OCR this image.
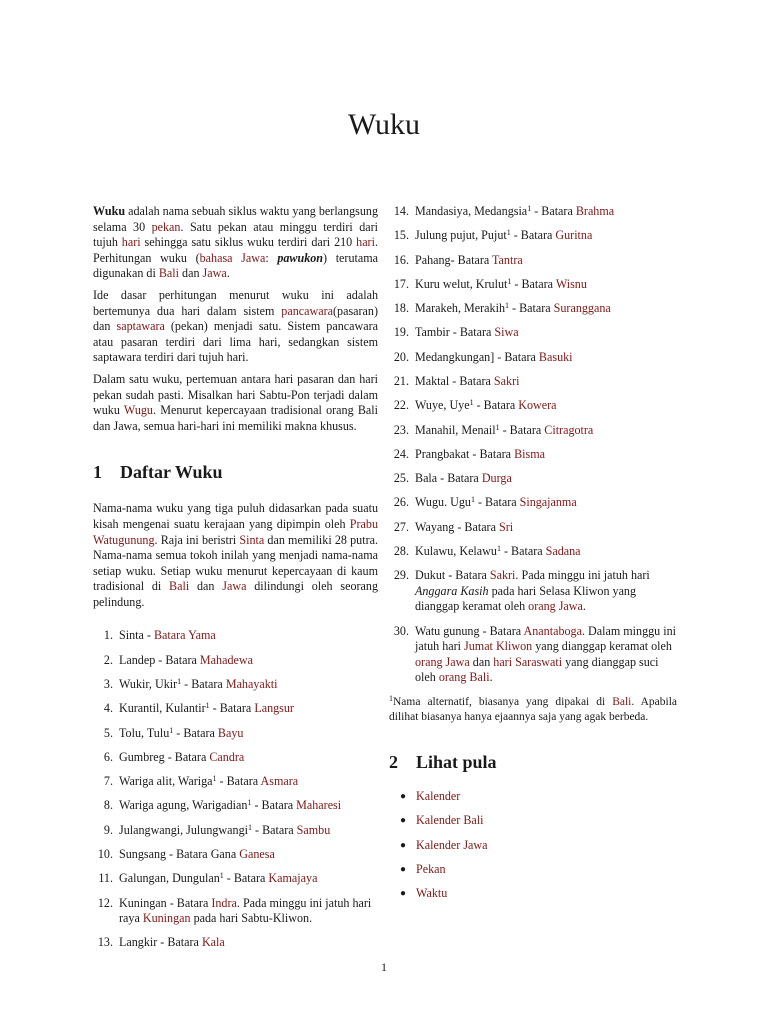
Wuku

Wuku adalah nama sebuah siklus waktu yang berlangsung selama 30 pekan. Satu pekan atau minggu terdiri dari tujuh hari sehingga satu siklus wuku terdiri dari 210 hari. Perhitungan wuku (bahasa Jawa: pawukon) terutama digunakan di Bali dan Jawa.

Ide dasar perhitungan menurut wuku ini adalah bertemunya dua hari dalam sistem pancawara(pasaran) dan saptawara (pekan) menjadi satu. Sistem pancawara atau pasaran terdiri dari lima hari, sedangkan sistem saptawara terdiri dari tujuh hari.

Dalam satu wuku, pertemuan antara hari pasaran dan hari pekan sudah pasti. Misalkan hari Sabtu-Pon terjadi dalam wuku Wugu. Menurut kepercayaan tradisional orang Bali dan Jawa, semua hari-hari ini memiliki makna khusus.

1 Daftar Wuku

Nama-nama wuku yang tiga puluh didasarkan pada suatu kisah mengenai suatu kerajaan yang dipimpin oleh Prabu Watugunung. Raja ini beristri Sinta dan memiliki 28 putra. Nama-nama semua tokoh inilah yang menjadi nama-nama setiap wuku. Setiap wuku menurut kepercayaan di kaum tradisional di Bali dan Jawa dilindungi oleh seorang pelindung.

1. Sinta - Batara Yama
2. Landep - Batara Mahadewa
3. Wukir, Ukir$^1$ - Batara Mahayakti
4. Kurantil, Kulantir$^1$ - Batara Langsur
5. Tolu, Tulu$^1$ - Batara Bayu
6. Gumbreg - Batara Candra
7. Wariga alit, Wariga$^1$ - Batara Asmara
8. Wariga agung, Warigadian$^1$ - Batara Maharesi
9. Julangwangi, Julungwangi$^1$ - Batara Sambu
10. Sungsang - Batara Gana Ganesa
11. Galungan, Dungulan$^1$ - Batara Kamajaya
12. Kuningan - Batara Indra. Pada minggu ini jatuh hari raya Kuningan pada hari Sabtu-Kliwon.
13. Langkir - Batara Kala
14. Mandasiya, Medangsia$^1$ - Batara Brahma
15. Julung pujut, Pujut$^1$ - Batara Guritna
16. Pahang- Batara Tantra
17. Kuru welut, Krulut$^1$ - Batara Wisnu
18. Marakeh, Merakih$^1$ - Batara Suranggana
19. Tambir - Batara Siwa
20. Medangkungan] - Batara Basuki
21. Maktal - Batara Sakri
22. Wuye, Uye$^1$ - Batara Kowera
23. Manahil, Menail$^1$ - Batara Citragotra
24. Prangbakat - Batara Bisma
25. Bala - Batara Durga
26. Wugu. Ugu$^1$ - Batara Singajanma
27. Wayang - Batara Sri
28. Kulawu, Kelawu$^1$ - Batara Sadana
29. Dukut - Batara Sakri. Pada minggu ini jatuh hari Anggara Kasih pada hari Selasa Kliwon yang dianggap keramat oleh orang Jawa.
30. Watu gunung - Batara Anantaboga. Dalam minggu ini jatuh hari Jumat Kliwon yang dianggap keramat oleh orang Jawa dan hari Saraswati yang dianggap suci oleh orang Bali.

$^1$Nama alternatif, biasanya yang dipakai di Bali. Apabila dilihat biasanya hanya ejaannya saja yang agak berbeda.

2 Lihat pula
● Kalender
● Kalender Bali
● Kalender Jawa
● Pekan
● Waktu
1
